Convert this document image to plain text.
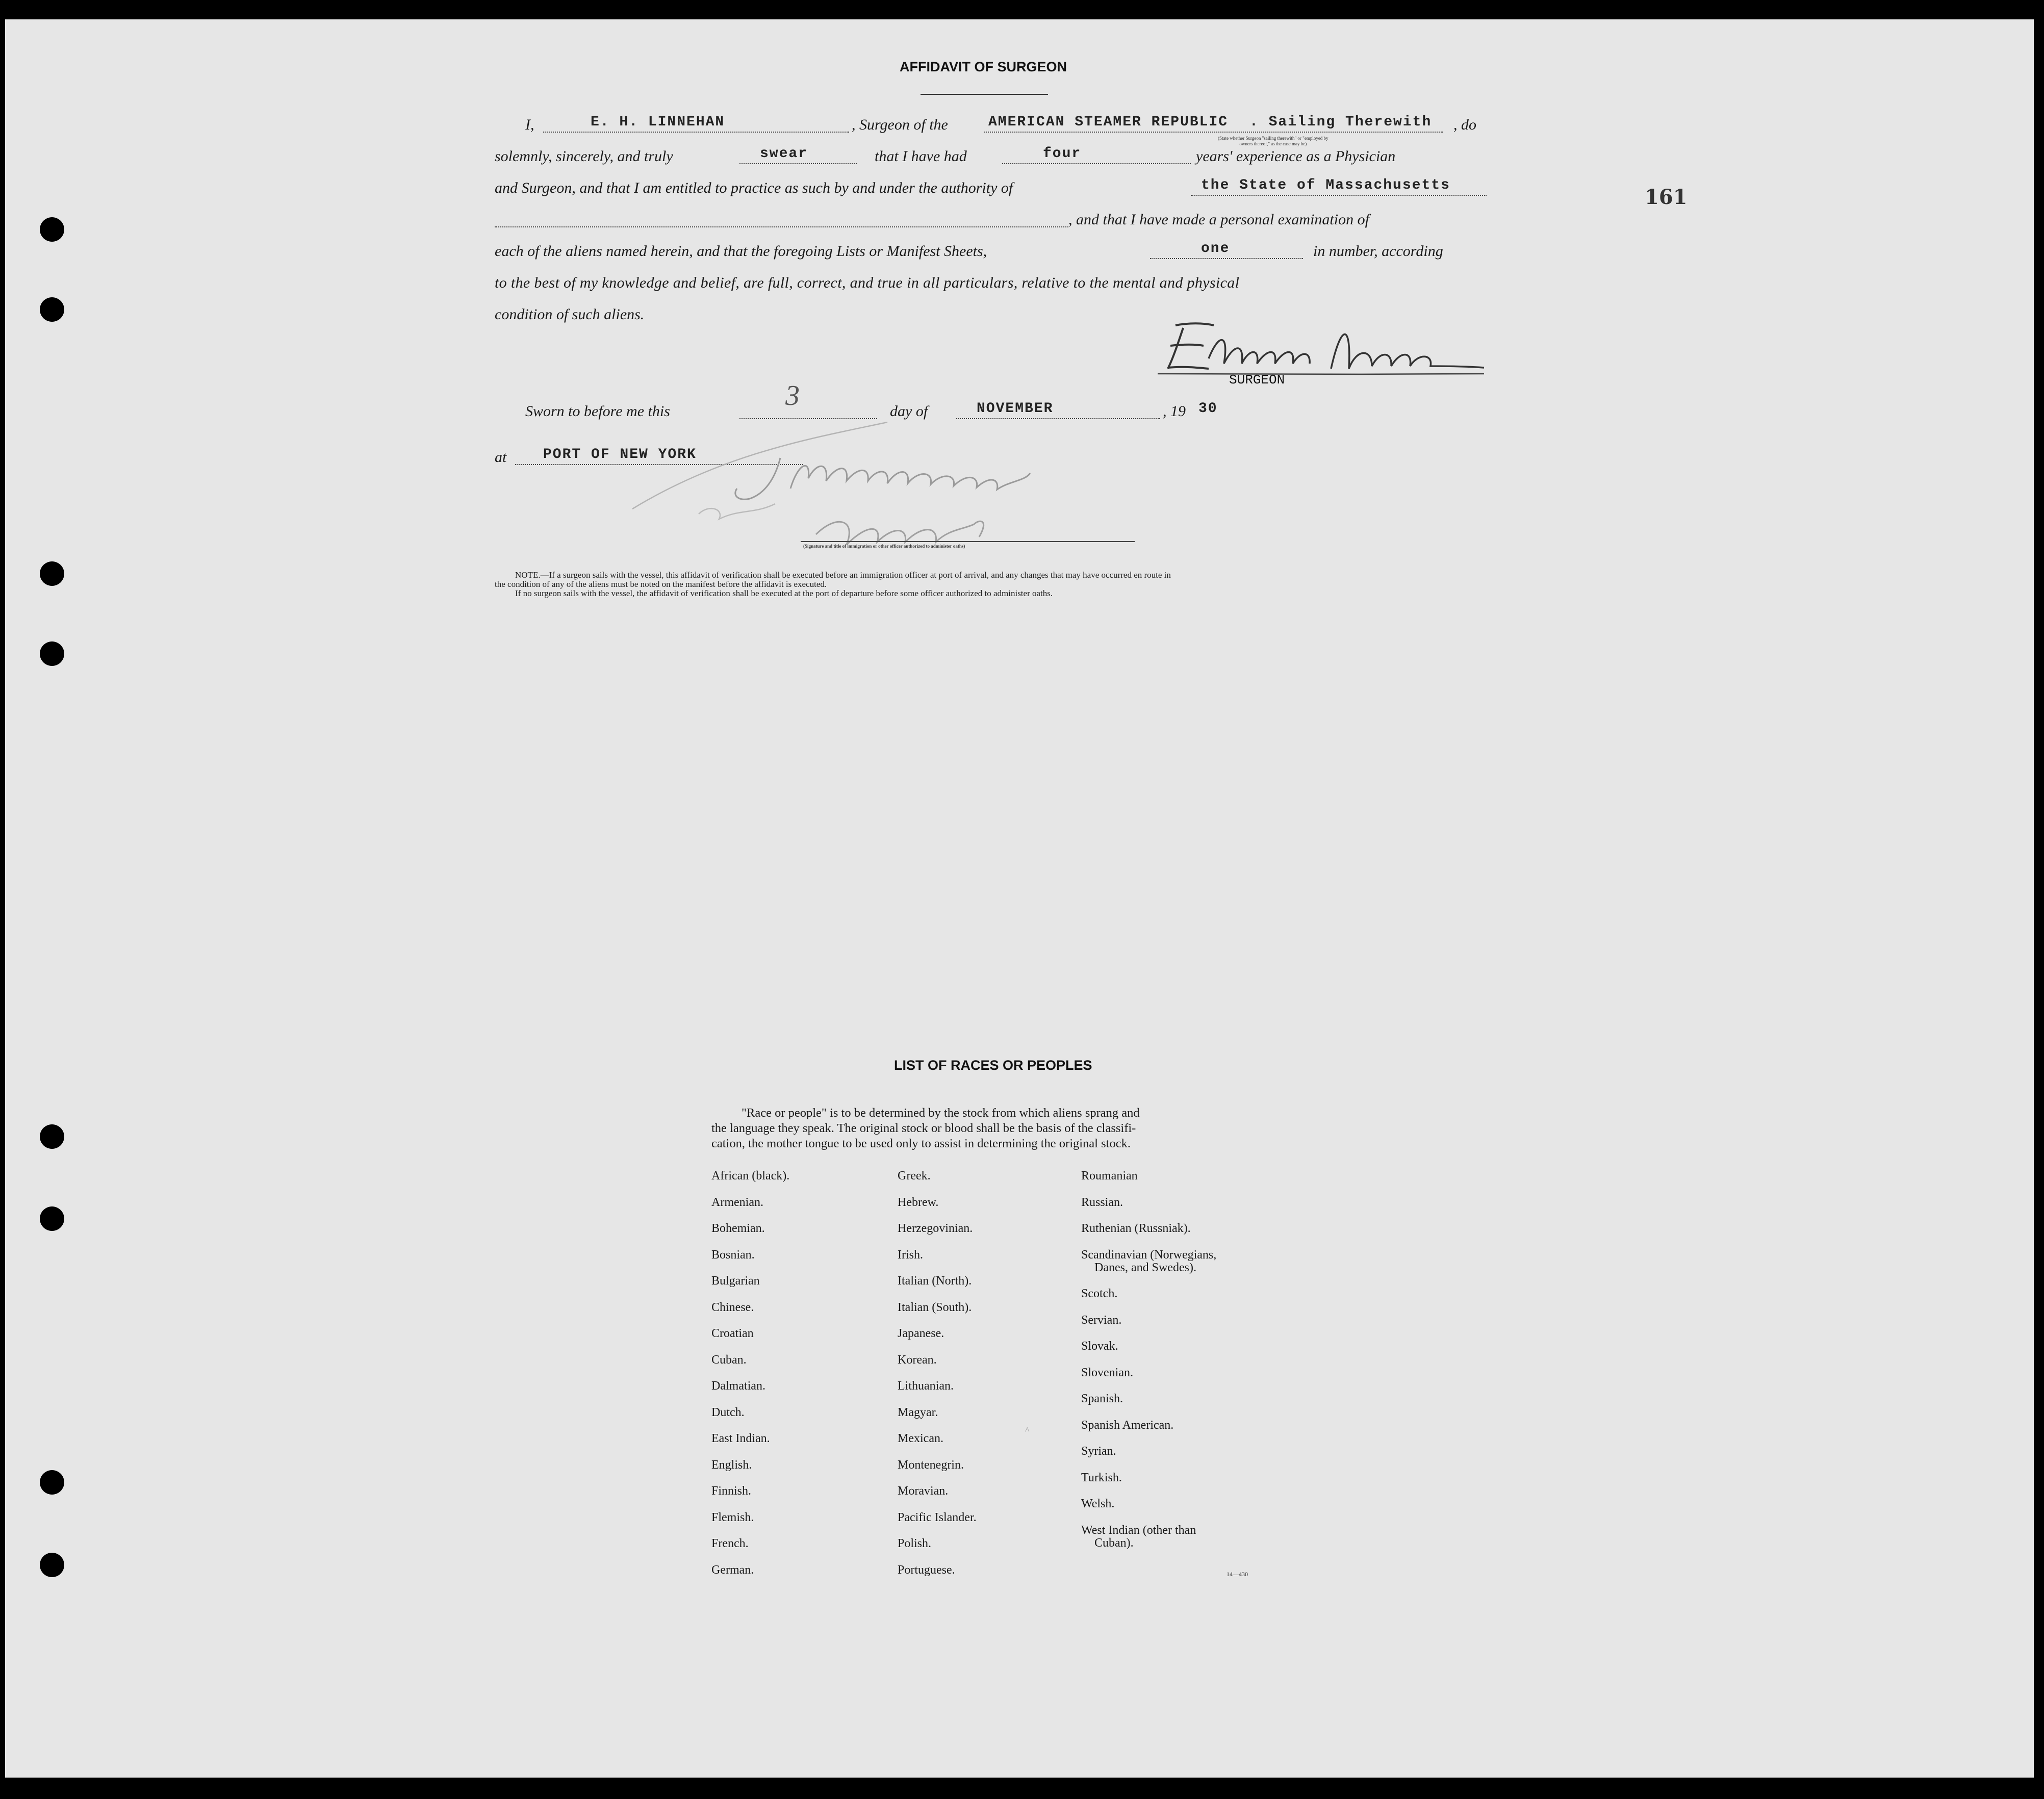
161
AFFIDAVIT OF SURGEON
I,	E. H. LINNEHAN	, Surgeon of the	AMERICAN STEAMER REPUBLIC . Sailing Therewith , do
(State whether Surgeon "sailing therewith" or "employed by
owners thereof," as the case may be)
solemnly, sincerely, and truly	swear	that I have had	four	years' experience as a Physician
and Surgeon, and that I am entitled to practice as such by and under the authority of	the State of Massachusetts
, and that I have made a personal examination of
each of the aliens named herein, and that the foregoing Lists or Manifest Sheets,	one	in number, according
to the best of my knowledge and belief, are full, correct, and true in all particulars, relative to the mental and physical
condition of such aliens.
SURGEON
Sworn to before me this	3	day of	NOVEMBER	, 19 30
at	PORT OF NEW YORK
(Signature and title of immigration or other officer authorized to administer oaths)
NOTE.—If a surgeon sails with the vessel, this affidavit of verification shall be executed before an immigration officer at port of arrival, and any changes that may have occurred en route in
the condition of any of the aliens must be noted on the manifest before the affidavit is executed.
If no surgeon sails with the vessel, the affidavit of verification shall be executed at the port of departure before some officer authorized to administer oaths.
LIST OF RACES OR PEOPLES
"Race or people" is to be determined by the stock from which aliens sprang and
the language they speak. The original stock or blood shall be the basis of the classifi-
cation, the mother tongue to be used only to assist in determining the original stock.
African (black).
Armenian.
Bohemian.
Bosnian.
Bulgarian
Chinese.
Croatian
Cuban.
Dalmatian.
Dutch.
East Indian.
English.
Finnish.
Flemish.
French.
German.
Greek.
Hebrew.
Herzegovinian.
Irish.
Italian (North).
Italian (South).
Japanese.
Korean.
Lithuanian.
Magyar.
Mexican.
Montenegrin.
Moravian.
Pacific Islander.
Polish.
Portuguese.
Roumanian
Russian.
Ruthenian (Russniak).
Scandinavian (Norwegians,
Danes, and Swedes).
Scotch.
Servian.
Slovak.
Slovenian.
Spanish.
Spanish American.
Syrian.
Turkish.
Welsh.
West Indian (other than
Cuban).
14—430
^
